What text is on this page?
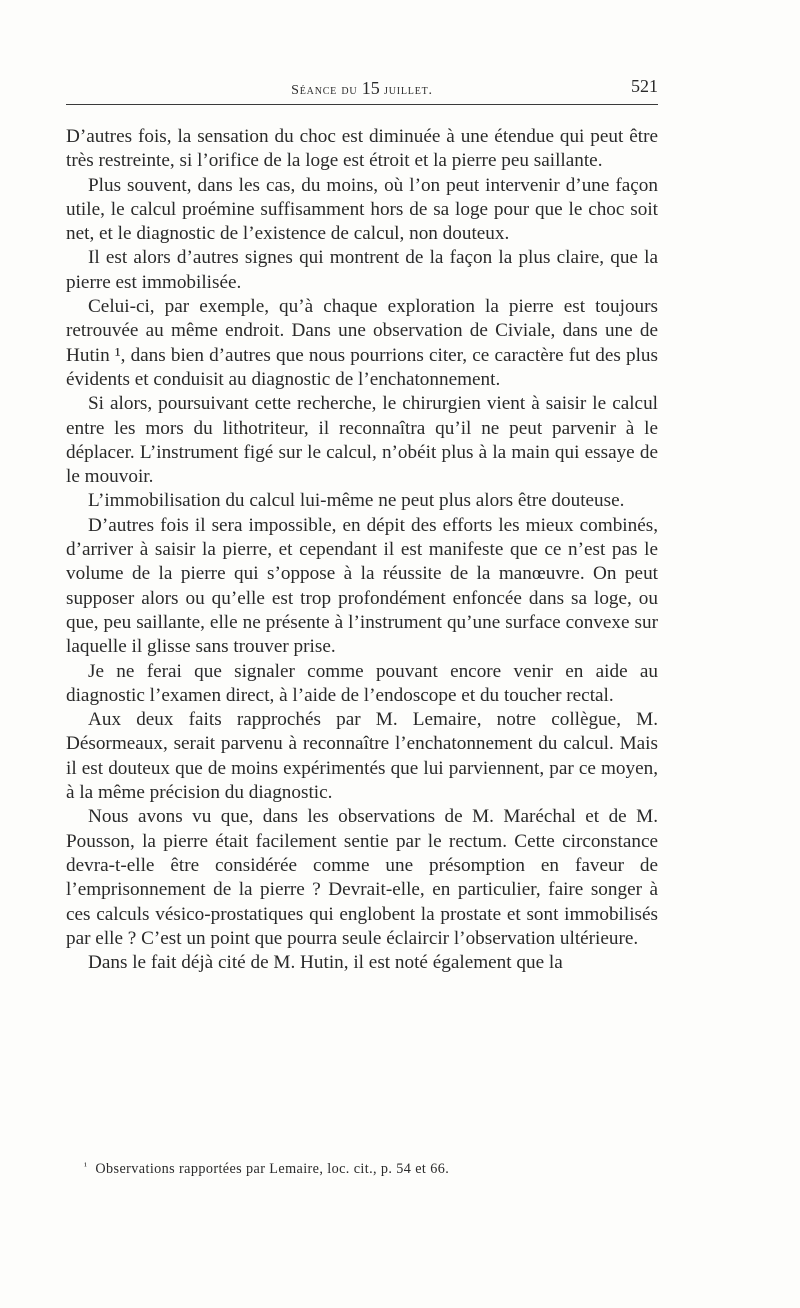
Séance du 15 juillet.	521

D’autres fois, la sensation du choc est diminuée à une étendue qui peut être très restreinte, si l’orifice de la loge est étroit et la pierre peu saillante.

Plus souvent, dans les cas, du moins, où l’on peut intervenir d’une façon utile, le calcul proémine suffisamment hors de sa loge pour que le choc soit net, et le diagnostic de l’existence de calcul, non douteux.

Il est alors d’autres signes qui montrent de la façon la plus claire, que la pierre est immobilisée.

Celui-ci, par exemple, qu’à chaque exploration la pierre est toujours retrouvée au même endroit. Dans une observation de Civiale, dans une de Hutin ¹, dans bien d’autres que nous pourrions citer, ce caractère fut des plus évidents et conduisit au diagnostic de l’enchatonnement.

Si alors, poursuivant cette recherche, le chirurgien vient à saisir le calcul entre les mors du lithotriteur, il reconnaîtra qu’il ne peut parvenir à le déplacer. L’instrument figé sur le calcul, n’obéit plus à la main qui essaye de le mouvoir.

L’immobilisation du calcul lui-même ne peut plus alors être douteuse.

D’autres fois il sera impossible, en dépit des efforts les mieux combinés, d’arriver à saisir la pierre, et cependant il est manifeste que ce n’est pas le volume de la pierre qui s’oppose à la réussite de la manœuvre. On peut supposer alors ou qu’elle est trop profondément enfoncée dans sa loge, ou que, peu saillante, elle ne présente à l’instrument qu’une surface convexe sur laquelle il glisse sans trouver prise.

Je ne ferai que signaler comme pouvant encore venir en aide au diagnostic l’examen direct, à l’aide de l’endoscope et du toucher rectal.

Aux deux faits rapprochés par M. Lemaire, notre collègue, M. Désormeaux, serait parvenu à reconnaître l’enchatonnement du calcul. Mais il est douteux que de moins expérimentés que lui parviennent, par ce moyen, à la même précision du diagnostic.

Nous avons vu que, dans les observations de M. Maréchal et de M. Pousson, la pierre était facilement sentie par le rectum. Cette circonstance devra-t-elle être considérée comme une présomption en faveur de l’emprisonnement de la pierre ? Devrait-elle, en particulier, faire songer à ces calculs vésico-prostatiques qui englobent la prostate et sont immobilisés par elle ? C’est un point que pourra seule éclaircir l’observation ultérieure.

Dans le fait déjà cité de M. Hutin, il est noté également que la

$^{^1}$ Observations rapportées par Lemaire, loc. cit., p. 54 et 66.
